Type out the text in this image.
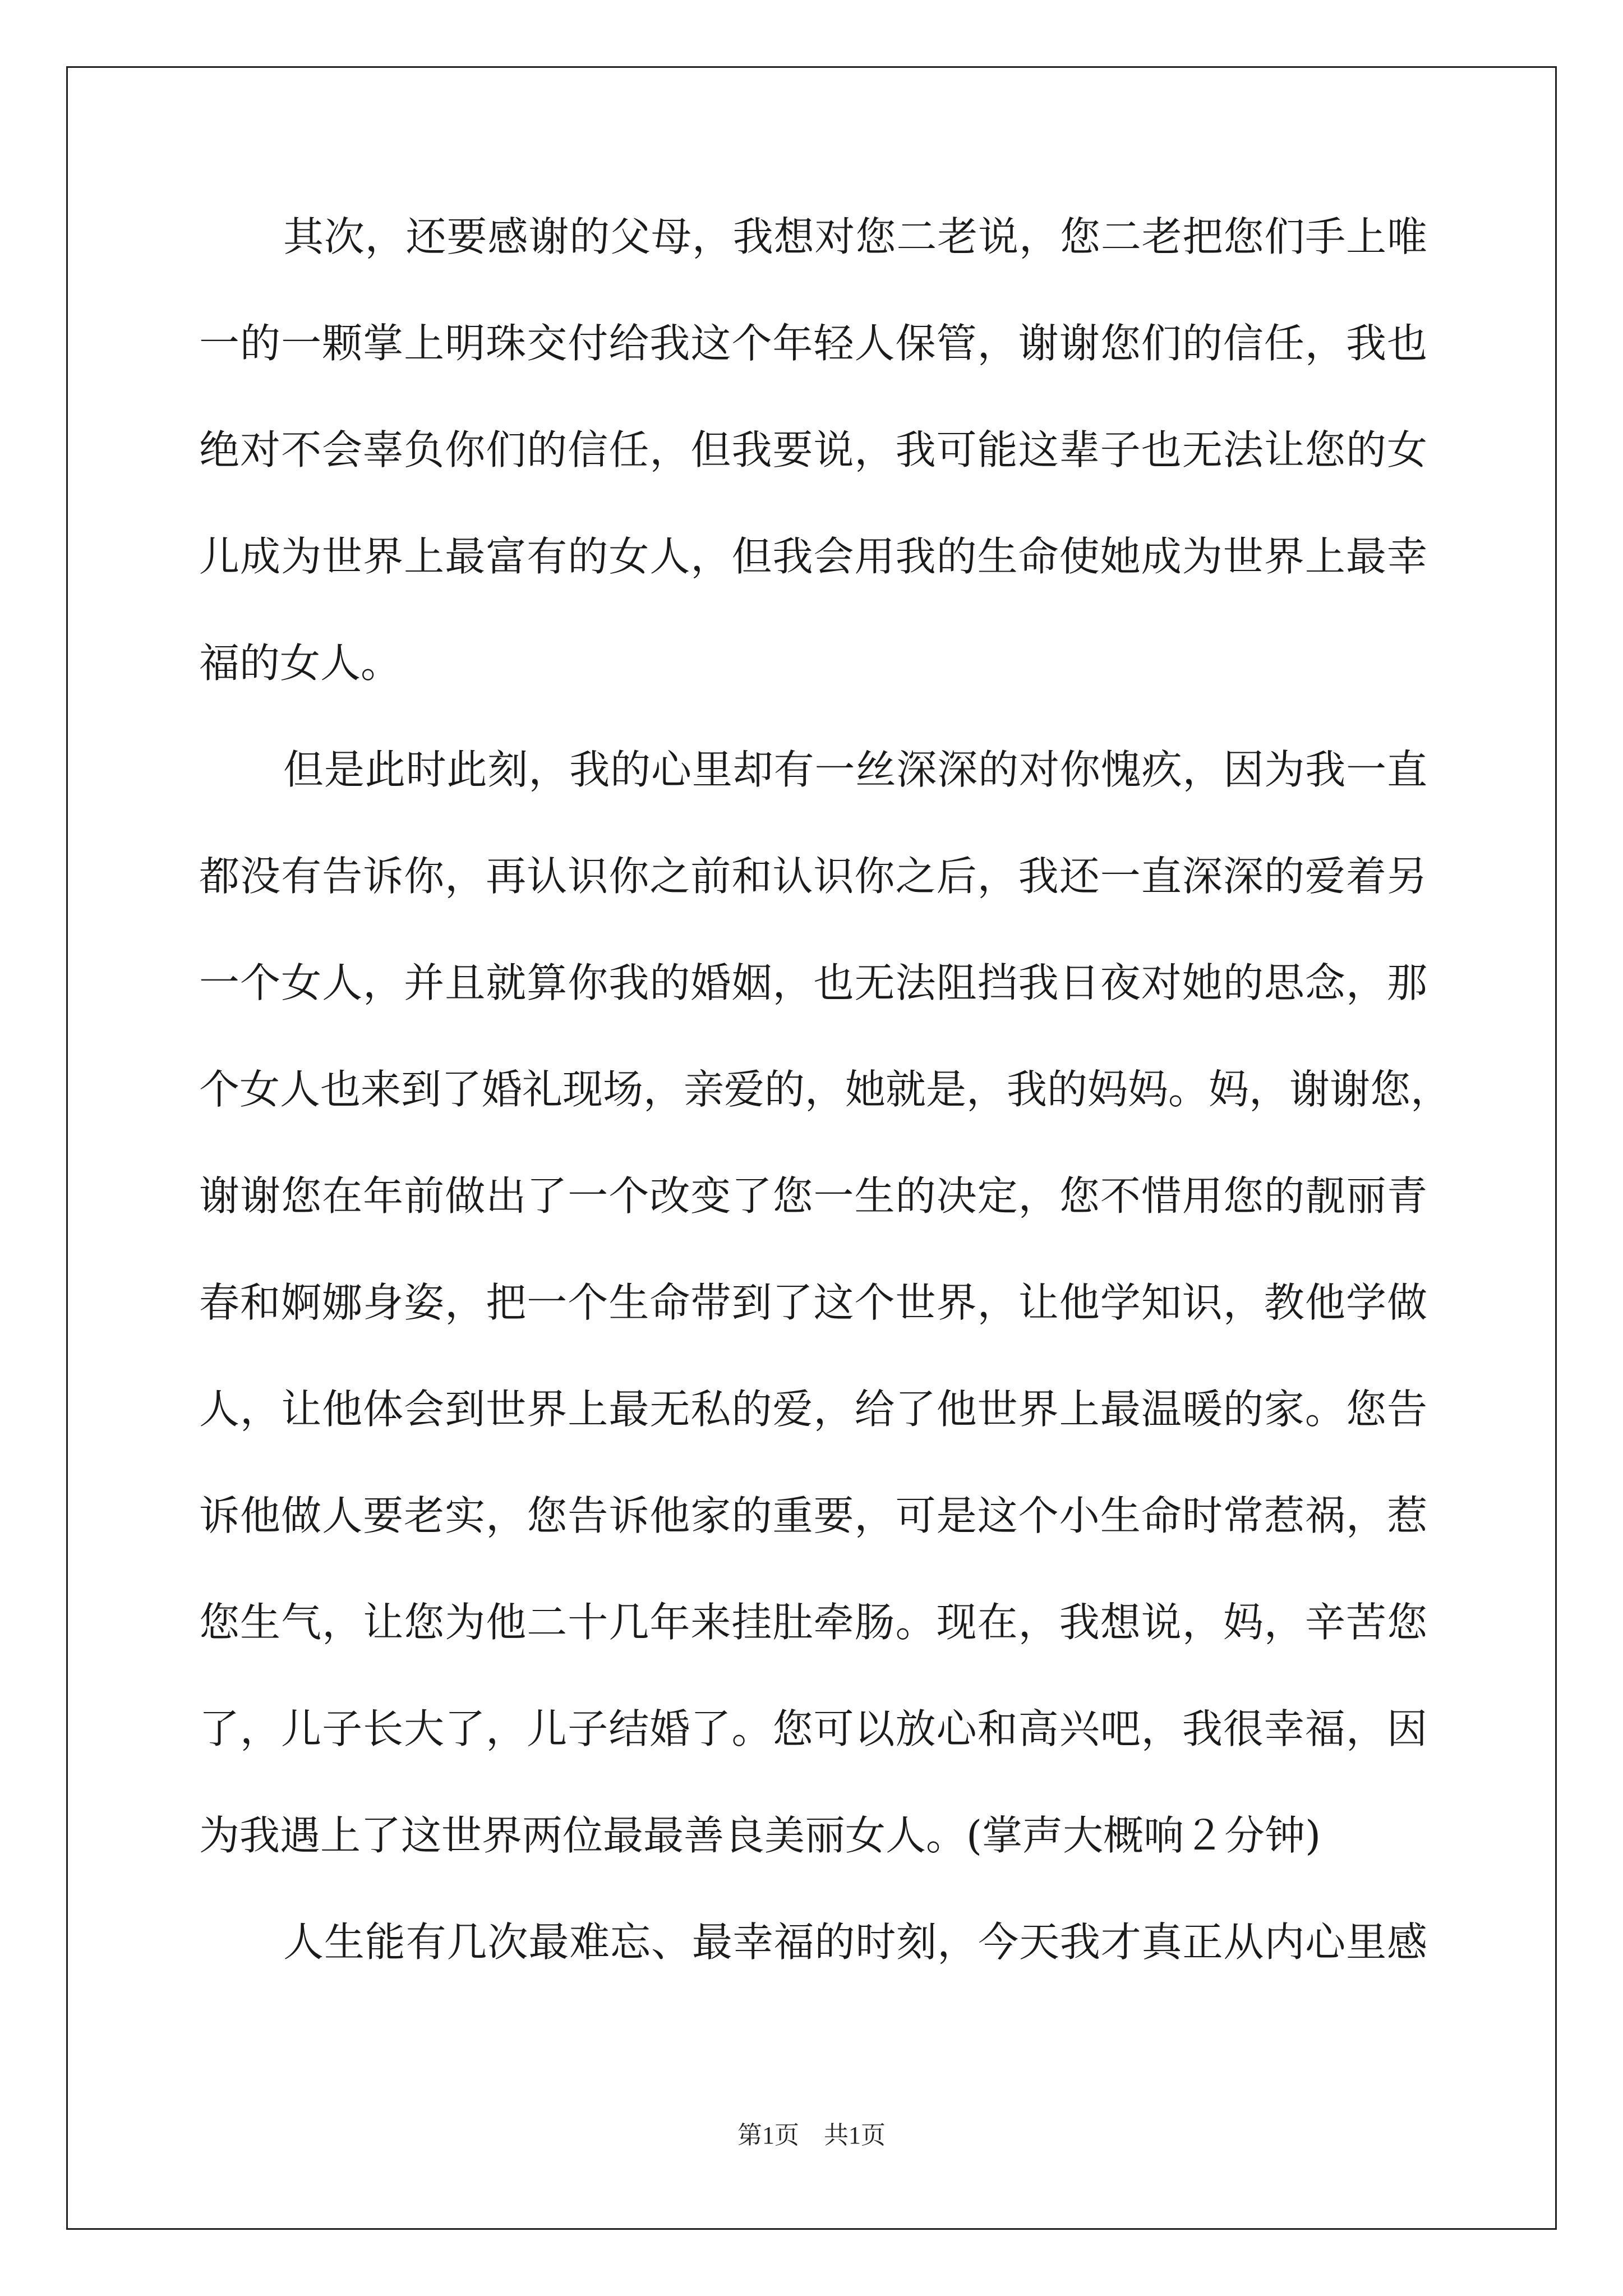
其次，还要感谢的父母，我想对您二老说，您二老把您们手上唯
一的一颗掌上明珠交付给我这个年轻人保管，谢谢您们的信任，我也
绝对不会辜负你们的信任，但我要说，我可能这辈子也无法让您的女
儿成为世界上最富有的女人，但我会用我的生命使她成为世界上最幸
福的女人。
但是此时此刻，我的心里却有一丝深深的对你愧疚，因为我一直
都没有告诉你，再认识你之前和认识你之后，我还一直深深的爱着另
一个女人，并且就算你我的婚姻，也无法阻挡我日夜对她的思念，那
个女人也来到了婚礼现场，亲爱的，她就是，我的妈妈。妈，谢谢您，
谢谢您在年前做出了一个改变了您一生的决定，您不惜用您的靓丽青
春和婀娜身姿，把一个生命带到了这个世界，让他学知识，教他学做
人，让他体会到世界上最无私的爱，给了他世界上最温暖的家。您告
诉他做人要老实，您告诉他家的重要，可是这个小生命时常惹祸，惹
您生气，让您为他二十几年来挂肚牵肠。现在，我想说，妈，辛苦您
了，儿子长大了，儿子结婚了。您可以放心和高兴吧，我很幸福，因
为我遇上了这世界两位最最善良美丽女人。(掌声大概响２分钟)
人生能有几次最难忘、最幸福的时刻，今天我才真正从内心里感
第1页　共1页
